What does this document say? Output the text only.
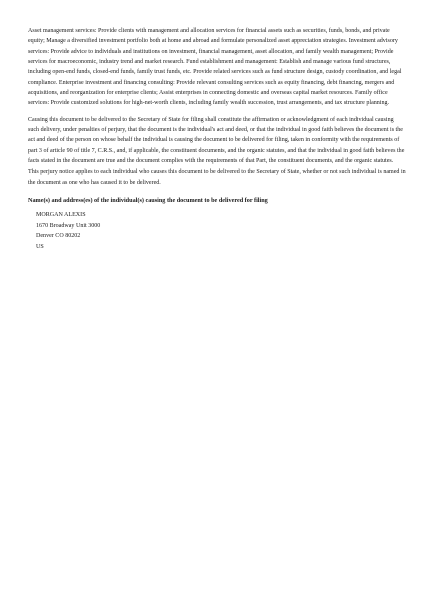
Asset management services: Provide clients with management and allocation services for financial assets such as securities, funds, bonds, and private equity; Manage a diversified investment portfolio both at home and abroad and formulate personalized asset appreciation strategies. Investment advisory services: Provide advice to individuals and institutions on investment, financial management, asset allocation, and family wealth management; Provide services for macroeconomic, industry trend and market research. Fund establishment and management: Establish and manage various fund structures, including open-end funds, closed-end funds, family trust funds, etc. Provide related services such as fund structure design, custody coordination, and legal compliance. Enterprise investment and financing consulting: Provide relevant consulting services such as equity financing, debt financing, mergers and acquisitions, and reorganization for enterprise clients; Assist enterprises in connecting domestic and overseas capital market resources. Family office services: Provide customized solutions for high-net-worth clients, including family wealth succession, trust arrangements, and tax structure planning.

Causing this document to be delivered to the Secretary of State for filing shall constitute the affirmation or acknowledgment of each individual causing such delivery, under penalties of perjury, that the document is the individual's act and deed, or that the individual in good faith believes the document is the act and deed of the person on whose behalf the individual is causing the document to be delivered for filing, taken in conformity with the requirements of part 3 of article 90 of title 7, C.R.S., and, if applicable, the constituent documents, and the organic statutes, and that the individual in good faith believes the facts stated in the document are true and the document complies with the requirements of that Part, the constituent documents, and the organic statutes.

This perjury notice applies to each individual who causes this document to be delivered to the Secretary of State, whether or not such individual is named in the document as one who has caused it to be delivered.

Name(s) and address(es) of the individual(s) causing the document to be delivered for filing

MORGAN ALEXIS
1670 Broadway Unit 3000
Denver CO 80202
US
